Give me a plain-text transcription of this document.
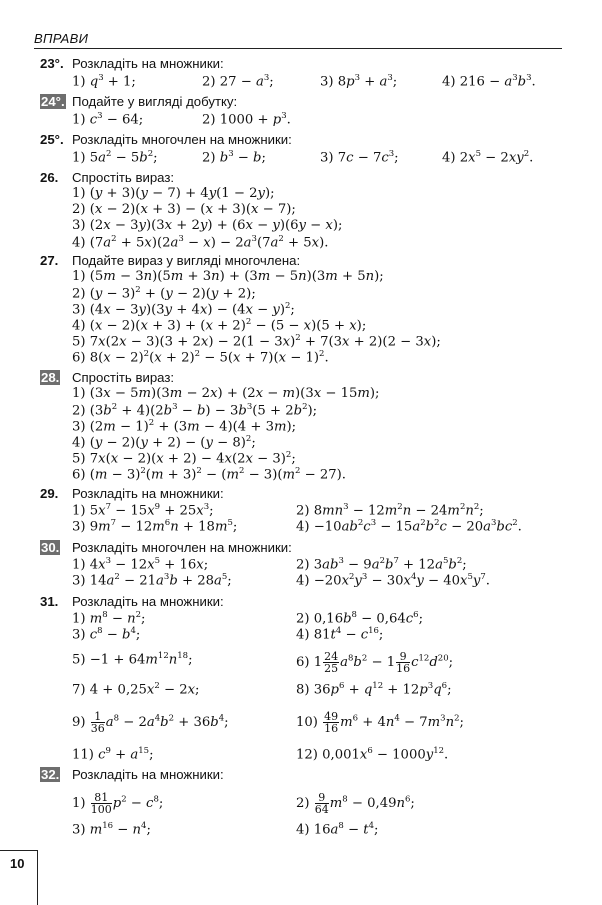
ВПРАВИ
23°. Розкладіть на множники:
1) $q^3 + 1$;	2) $27 - a^3$;	3) $8p^3 + a^3$;	4) $216 - a^3b^3$.
24°. Подайте у вигляді добутку:
1) $c^3 - 64$;	2) $1000 + p^3$.
25°. Розкладіть многочлен на множники:
1) $5a^2 - 5b^2$;	2) $b^3 - b$;	3) $7c - 7c^3$;	4) $2x^5 - 2xy^2$.
26. Спростіть вираз:
1) (y + 3)(y − 7) + 4y(1 − 2y);
2) (x − 2)(x + 3) − (x + 3)(x − 7);
3) (2x − 3y)(3x + 2y) + (6x − y)(6y − x);
4) $(7a^2 + 5x)(2a^3 - x) - 2a^3(7a^2 + 5x)$.
27. Подайте вираз у вигляді многочлена:
1) (5m − 3n)(5m + 3n) + (3m − 5n)(3m + 5n);
2) $(y - 3)^2 + (y - 2)(y + 2)$;
3) $(4x - 3y)(3y + 4x) - (4x - y)^2$;
4) $(x - 2)(x + 3) + (x + 2)^2 - (5 - x)(5 + x)$;
5) $7x(2x - 3)(3 + 2x) - 2(1 - 3x)^2 + 7(3x + 2)(2 - 3x)$;
6) $8(x - 2)^2(x + 2)^2 - 5(x + 7)(x - 1)^2$.
28. Спростіть вираз:
1) (3x − 5m)(3m − 2x) + (2x − m)(3x − 15m);
2) $(3b^2 + 4)(2b^3 - b) - 3b^3(5 + 2b^2)$;
3) $(2m - 1)^2 + (3m - 4)(4 + 3m)$;
4) $(y - 2)(y + 2) - (y - 8)^2$;
5) $7x(x - 2)(x + 2) - 4x(2x - 3)^2$;
6) $(m - 3)^2(m + 3)^2 - (m^2 - 3)(m^2 - 27)$.
29. Розкладіть на множники:
1) $5x^7 - 15x^9 + 25x^3$;	2) $8mn^3 - 12m^2n - 24m^2n^2$;
3) $9m^7 - 12m^6n + 18m^5$;	$4) -10ab^2c^3 - 15a^2b^2c - 20a^3bc^2$.
30. Розкладіть многочлен на множники:
1) $4x^3 - 12x^5 + 16x$;	2) $3ab^3 - 9a^2b^7 + 12a^5b^2$;
3) $14a^2 - 21a^3b + 28a^5$;	$4) -20x^2y^3 - 30x^4y - 40x^5y^7$.
31. Розкладіть на множники:
1) $m^8 - n^2$;	2) $0,16b^8 - 0,64c^6$;
3) $c^8 - b^4$;	4) $81t^4 - c^{16}$;
$5) -1 + 64m^{12}n^{18}$;	6) $1 \frac{24}{25} a^8b^2 - 1 \frac{9}{16} c^{12}d^{20}$;
7) $4 + 0,25x^2 - 2x$;	8) $36p^6 + q^{12} + 12p^3q^6$;
$9) \frac{1}{36} a^8 - 2a^4b^2 + 36b^4$;	$10) \frac{49}{16} m^6 + 4n^4 - 7m^3n^2$;
11) $c^9 + a^{15}$;	12) $0,001x^6 - 1000y^{12}$.
32. Розкладіть на множники:
$1) \frac{81}{100} p^2 - c^8$;	$2) \frac{9}{64} m^8 - 0,49n^6$;
3) $m^{16} - n^4$;	4) $16a^8 - t^4$;
10
